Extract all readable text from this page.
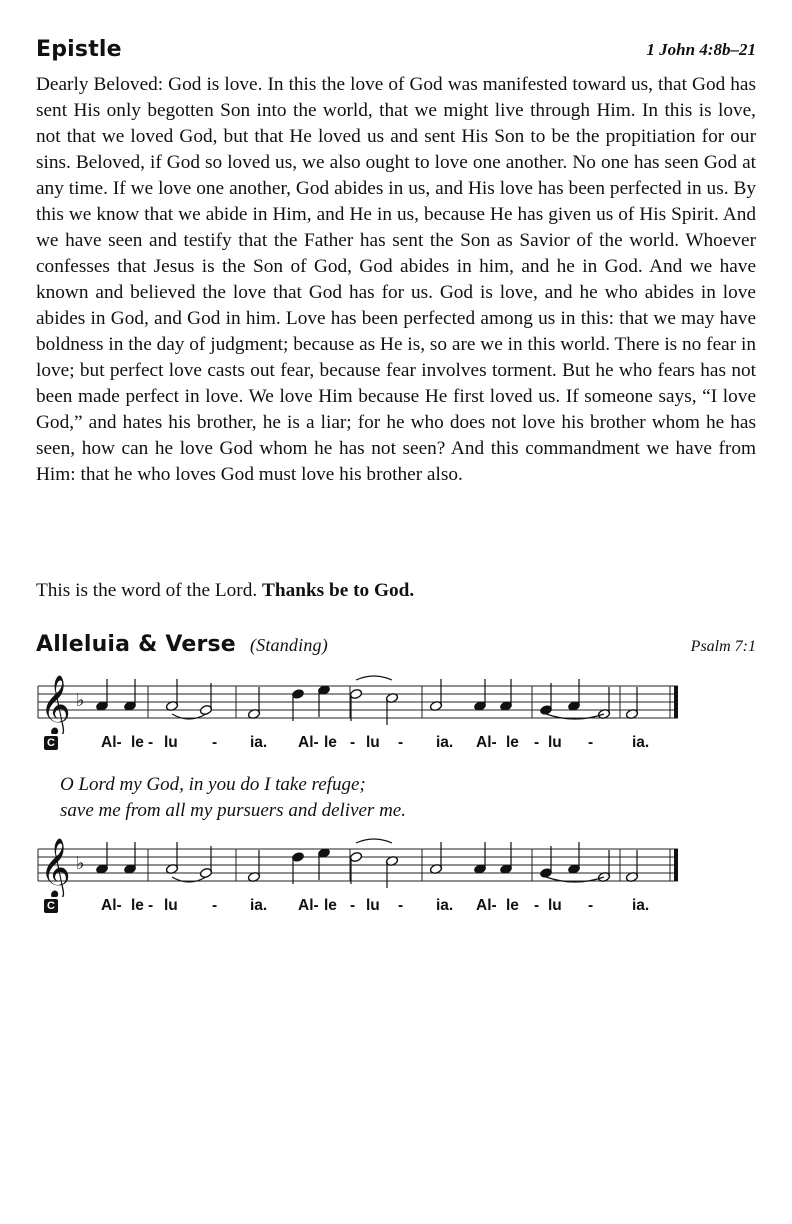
Epistle	1 John 4:8b–21

Dearly Beloved: God is love. In this the love of God was manifested toward us, that God has sent His only begotten Son into the world, that we might live through Him. In this is love, not that we loved God, but that He loved us and sent His Son to be the propitiation for our sins. Beloved, if God so loved us, we also ought to love one another. No one has seen God at any time. If we love one another, God abides in us, and His love has been perfected in us. By this we know that we abide in Him, and He in us, because He has given us of His Spirit. And we have seen and testify that the Father has sent the Son as Savior of the world. Whoever confesses that Jesus is the Son of God, God abides in him, and he in God. And we have known and believed the love that God has for us. God is love, and he who abides in love abides in God, and God in him. Love has been perfected among us in this: that we may have boldness in the day of judgment; because as He is, so are we in this world. There is no fear in love; but perfect love casts out fear, because fear involves torment. But he who fears has not been made perfect in love. We love Him because He first loved us. If someone says, “I love God,” and hates his brother, he is a liar; for he who does not love his brother whom he has seen, how can he love God whom he has not seen? And this commandment we have from Him: that he who loves God must love his brother also.

This is the word of the Lord. Thanks be to God.

Alleluia & Verse (Standing)	Psalm 7:1
𝄞 ♭
C	Al- le - lu - ia. Al- le - lu - ia. Al- le - lu -	ia.
O Lord my God, in you do I take refuge;
save me from all my pursuers and deliver me.
𝄞 ♭
C	Al- le - lu - ia. Al- le - lu - ia. Al- le - lu -	ia.
